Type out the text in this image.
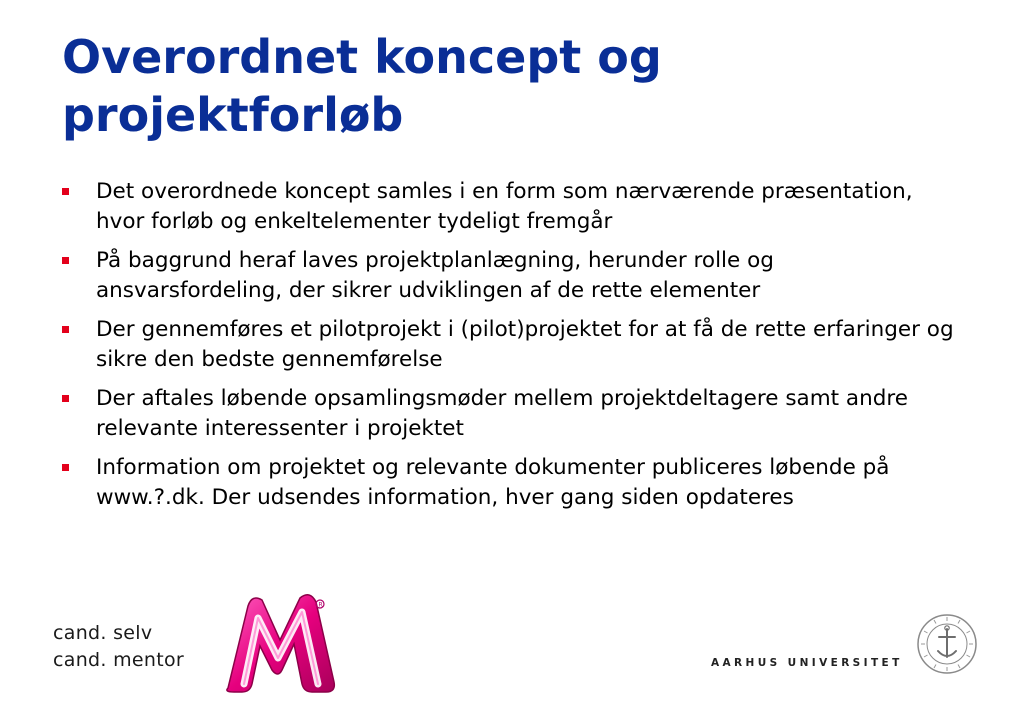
Overordnet koncept og projektforløb
Det overordnede koncept samles i en form som nærværende præsentation, hvor forløb og enkeltelementer tydeligt fremgår
På baggrund heraf laves projektplanlægning, herunder rolle og ansvarsfordeling, der sikrer udviklingen af de rette elementer
Der gennemføres et pilotprojekt i (pilot)projektet for at få de rette erfaringer og sikre den bedste gennemførelse
Der aftales løbende opsamlingsmøder mellem projektdeltagere samt andre relevante interessenter i projektet
Information om projektet og relevante dokumenter publiceres løbende på www.?.dk. Der udsendes information, hver gang siden opdateres
cand. selv
cand. mentor
R
AARHUS UNIVERSITET
